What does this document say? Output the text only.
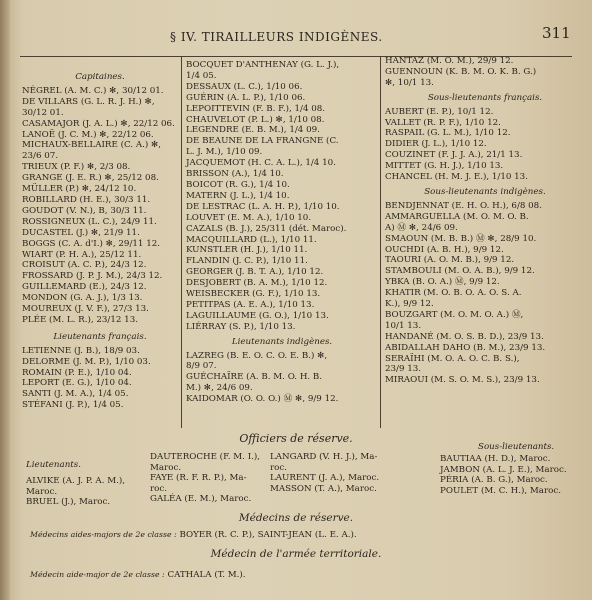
§ IV. TIRAILLEURS INDIGÈNES.	311
Capitaines.
NÉGREL (A. M. C.) ✻, 30/12 01.
DE VILLARS (G. L. R. J. H.) ✻,
30/12 01.
CASAMAJOR (J. A. L.) ✻, 22/12 06.
LANOË (J. C. M.) ✻, 22/12 06.
MICHAUX-BELLAIRE (C. A.) ✻,
23/6 07.
TRIEUX (P. F.) ✻, 2/3 08.
GRANGE (J. E. R.) ✻, 25/12 08.
MÜLLER (P.) ✻, 24/12 10.
ROBILLARD (H. E.), 30/3 11.
GOUDOT (V. N.), B, 30/3 11.
ROSSIGNEUX (L. C.), 24/9 11.
DUCASTEL (J.) ✻, 21/9 11.
BOGGS (C. A. d'I.) ✻, 29/11 12.
WIART (P. H. A.), 25/12 11.
CROISUT (A. C. P.), 24/3 12.
FROSSARD (J. P. J. M.), 24/3 12.
GUILLEMARD (E.), 24/3 12.
MONDON (G. A. J.), 1/3 13.
MOUREUX (J. V. F.), 27/3 13.
PLÉE (M. L. R.), 23/12 13.
Lieutenants français.
LETIENNE (J. B.), 18/9 03.
DELORME (J. M. P.), 1/10 03.
ROMAIN (P. E.), 1/10 04.
LEPORT (E. G.), 1/10 04.
SANTI (J. M. A.), 1/4 05.
STÉFANI (J. P.), 1/4 05.
BOCQUET D'ANTHENAY (G. L. J.),
1/4 05.
DESSAUX (L. C.), 1/10 06.
GUÉRIN (A. L. P.), 1/10 06.
LEPOITTEVIN (F. B. F.), 1/4 08.
CHAUVELOT (P. L.) ✻, 1/10 08.
LEGENDRE (E. B. M.), 1/4 09.
DE BEAUNE DE LA FRANGNE (C.
L. J. M.), 1/10 09.
JACQUEMOT (H. C. A. L.), 1/4 10.
BRISSON (A.), 1/4 10.
BOICOT (R. G.), 1/4 10.
MATERN (J. L.), 1/4 10.
DE LESTRAC (L. A. H. P.), 1/10 10.
LOUVET (E. M. A.), 1/10 10.
CAZALS (B. J.), 25/311 (dét. Maroc).
MACQUILLARD (L.), 1/10 11.
KUNSTLER (H. J.), 1/10 11.
FLANDIN (J. C. P.), 1/10 11.
GEORGER (J. B. T. A.), 1/10 12.
DESJOBERT (B. A. M.), 1/10 12.
WEISBECKER (G. F.), 1/10 13.
PETITPAS (A. E. A.), 1/10 13.
LAGUILLAUME (G. O.), 1/10 13.
LIÉRRAY (S. P.), 1/10 13.
Lieutenants indigènes.
LAZREG (B. E. O. C. O. E. B.) ✻,
8/9 07.
GUÉCHAÏRE (A. B. M. O. H. B.
M.) ✻, 24/6 09.
KAIDOMAR (O. O. O.) Ⓜ ✻, 9/9 12.
HANTAZ (M. O. M.), 29/9 12.
GUENNOUN (K. B. M. O. K. B. G.)
✻, 10/1 13.
Sous-lieutenants français.
AUBERT (E. P.), 10/1 12.
VALLET (R. P. F.), 1/10 12.
RASPAIL (G. L. M.), 1/10 12.
DIDIER (J. L.), 1/10 12.
COUZINET (F. J. J. A.), 21/1 13.
MITTET (G. H. J.), 1/10 13.
CHANCEL (H. M. J. E.), 1/10 13.
Sous-lieutenants indigènes.
BENDJENNAT (E. H. O. H.), 6/8 08.
AMMARGUELLA (M. O. M. O. B.
A) Ⓜ ✻, 24/6 09.
SMAOUN (M. B. B.) Ⓜ ✻, 28/9 10.
OUCHDI (A. B. H.), 9/9 12.
TAOURI (A. O. M. B.), 9/9 12.
STAMBOULI (M. O. A. B.), 9/9 12.
YBKA (B. O. A.) Ⓜ, 9/9 12.
KHATIR (M. O. B. O. A. O. S. A.
K.), 9/9 12.
BOUZGART (M. O. M. O. A.) Ⓜ,
10/1 13.
HANDANÉ (M. O. S. B. D.), 23/9 13.
ABIDALLAH DAHO (B. M.), 23/9 13.
SERAÏHI (M. O. A. O. C. B. S.),
23/9 13.
MIRAOUI (M. S. O. M. S.), 23/9 13.
Officiers de réserve.
Lieutenants.
ALVIKE (A. J. P. A. M.),
Maroc.
BRUEL (J.), Maroc.
DAUTEROCHE (F. M. I.),
Maroc.
FAYE (R. F. R. P.), Ma-
roc.
GALÉA (E. M.), Maroc.
LANGARD (V. H. J.), Ma-
roc.
LAURENT (J. A.), Maroc.
MASSON (T. A.), Maroc.
Sous-lieutenants.
BAUTIAA (H. D.), Maroc.
JAMBON (A. L. J. E.), Maroc.
PÉRIA (A. B. G.), Maroc.
POULET (M. C. H.), Maroc.
Médecins de réserve.
Médecins aides-majors de 2e classe : BOYER (R. C. P.), SAINT-JEAN (L. E. A.).
Médecin de l'armée territoriale.
Médecin aide-major de 2e classe : CATHALA (T. M.).
